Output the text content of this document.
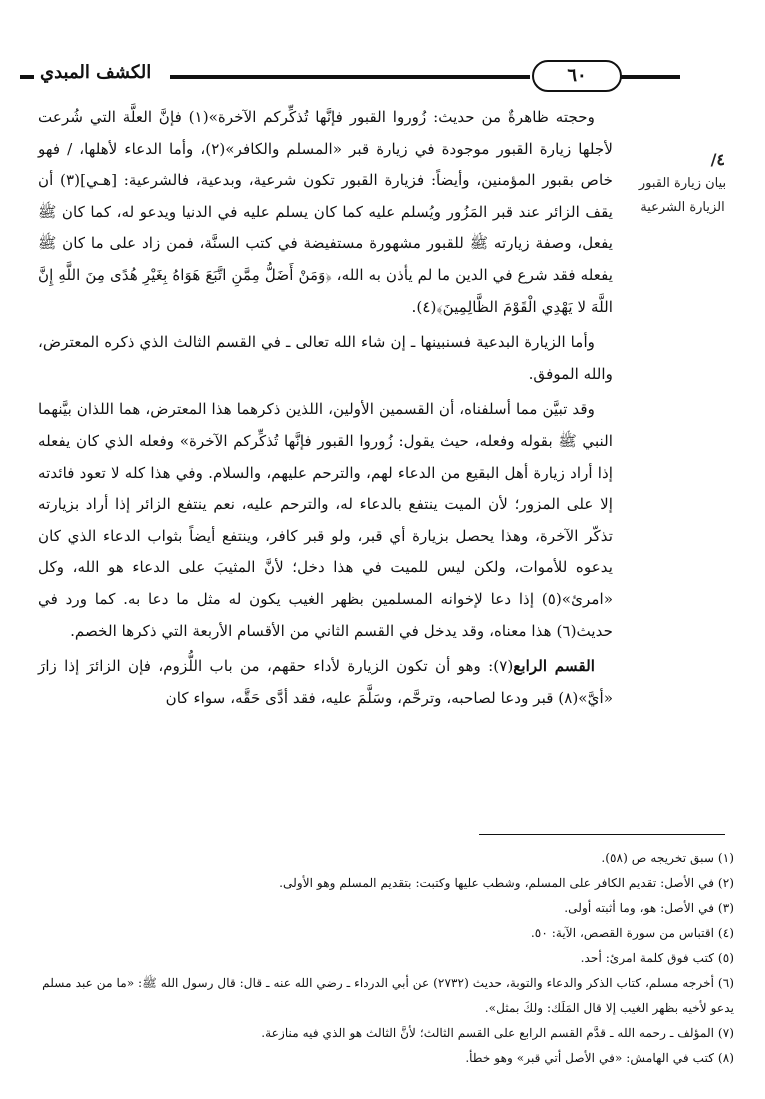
الكشف المبدي	٦٠
٤/
بيان زيارة القبور الزيارة الشرعية

وحجته ظاهرةٌ من حديث: زُوروا القبور فإنَّها تُذكِّركم الآخرة»(١) فإنَّ العلَّة التي شُرعت لأجلها زيارة القبور موجودة في زيارة قبر «المسلم والكافر»(٢)، وأما الدعاء لأهلها، / فهو خاص بقبور المؤمنين، وأيضاً: فزيارة القبور تكون شرعية، وبدعية، فالشرعية: [هـي](٣) أن يقف الزائر عند قبر المَزُور ويُسلم عليه كما كان يسلم عليه في الدنيا ويدعو له، كما كان ﷺ يفعل، وصفة زيارته ﷺ للقبور مشهورة مستفيضة في كتب السنَّة، فمن زاد على ما كان ﷺ يفعله فقد شرع في الدين ما لم يأذن به الله، ﴿وَمَنْ أَضَلُّ مِمَّنِ اتَّبَعَ هَوَاهُ بِغَيْرِ هُدًى مِنَ اللَّهِ إِنَّ اللَّهَ لا يَهْدِي الْقَوْمَ الظَّالِمِينَ﴾(٤).

وأما الزيارة البدعية فسنبينها ـ إن شاء الله تعالى ـ في القسم الثالث الذي ذكره المعترض، والله الموفق.

وقد تبيَّن مما أسلفناه، أن القسمين الأولين، اللذين ذكرهما هذا المعترض، هما اللذان بيَّنهما النبي ﷺ بقوله وفعله، حيث يقول: زُوروا القبور فإنَّها تُذكِّركم الآخرة» وفعله الذي كان يفعله إذا أراد زيارة أهل البقيع من الدعاء لهم، والترحم عليهم، والسلام. وفي هذا كله لا تعود فائدته إلا على المزور؛ لأن الميت ينتفع بالدعاء له، والترحم عليه، نعم ينتفع الزائر إذا أراد بزيارته تذكّر الآخرة، وهذا يحصل بزيارة أي قبر، ولو قبر كافر، وينتفع أيضاً بثواب الدعاء الذي كان يدعوه للأموات، ولكن ليس للميت في هذا دخل؛ لأنَّ المثيبَ على الدعاء هو الله، وكل «امرئ»(٥) إذا دعا لإخوانه المسلمين بظهر الغيب يكون له مثل ما دعا به. كما ورد في حديث(٦) هذا معناه، وقد يدخل في القسم الثاني من الأقسام الأربعة التي ذكرها الخصم.

القسم الرابع(٧): وهو أن تكون الزيارة لأداء حقهم، من باب اللُّزوم، فإن الزائرَ إذا زارَ «أيَّ»(٨) قبر ودعا لصاحبه، وترحَّم، وسَلَّمَ عليه، فقد أدَّى حَقَّه، سواء كان

(١) سبق تخريجه ص (٥٨).

(٢) في الأصل: تقديم الكافر على المسلم، وشطب عليها وكتبت: بتقديم المسلم وهو الأولى.

(٣) في الأصل: هو، وما أثبته أولى.

(٤) اقتباس من سورة القصص، الآية: ٥٠.

(٥) كتب فوق كلمة امرئ: أحد.

(٦) أخرجه مسلم، كتاب الذكر والدعاء والتوبة، حديث (٢٧٣٢) عن أبي الدرداء ـ رضي الله عنه ـ قال: قال رسول الله ﷺ: «ما من عبد مسلم يدعو لأخيه بظهر الغيب إلا قال المَلَك: ولكَ بمثل».

(٧) المؤلف ـ رحمه الله ـ قدَّم القسم الرابع على القسم الثالث؛ لأنَّ الثالث هو الذي فيه منازعة.

(٨) كتب في الهامش: «في الأصل أتي قبر» وهو خطأ.
